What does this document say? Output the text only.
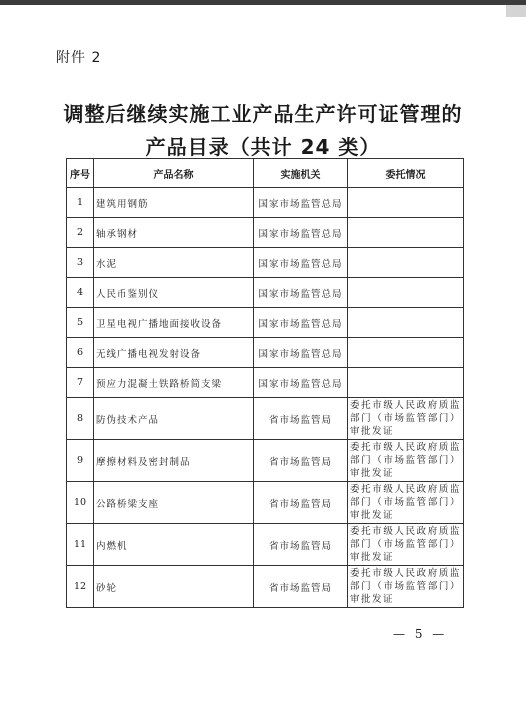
附件 2
调整后继续实施工业产品生产许可证管理的
产品目录（共计 24 类）
序号	产品名称	实施机关	委托情况
1	建筑用钢筋	国家市场监管总局	
2	轴承钢材	国家市场监管总局	
3	水泥	国家市场监管总局	
4	人民币鉴别仪	国家市场监管总局	
5	卫星电视广播地面接收设备	国家市场监管总局	
6	无线广播电视发射设备	国家市场监管总局	
7	预应力混凝土铁路桥简支梁	国家市场监管总局	
8	防伪技术产品	省市场监管局	委托市级人民政府质监部门（市场监管部门）审批发证
9	摩擦材料及密封制品	省市场监管局	委托市级人民政府质监部门（市场监管部门）审批发证
10	公路桥梁支座	省市场监管局	委托市级人民政府质监部门（市场监管部门）审批发证
11	内燃机	省市场监管局	委托市级人民政府质监部门（市场监管部门）审批发证
12	砂轮	省市场监管局	委托市级人民政府质监部门（市场监管部门）审批发证
— 5 —
